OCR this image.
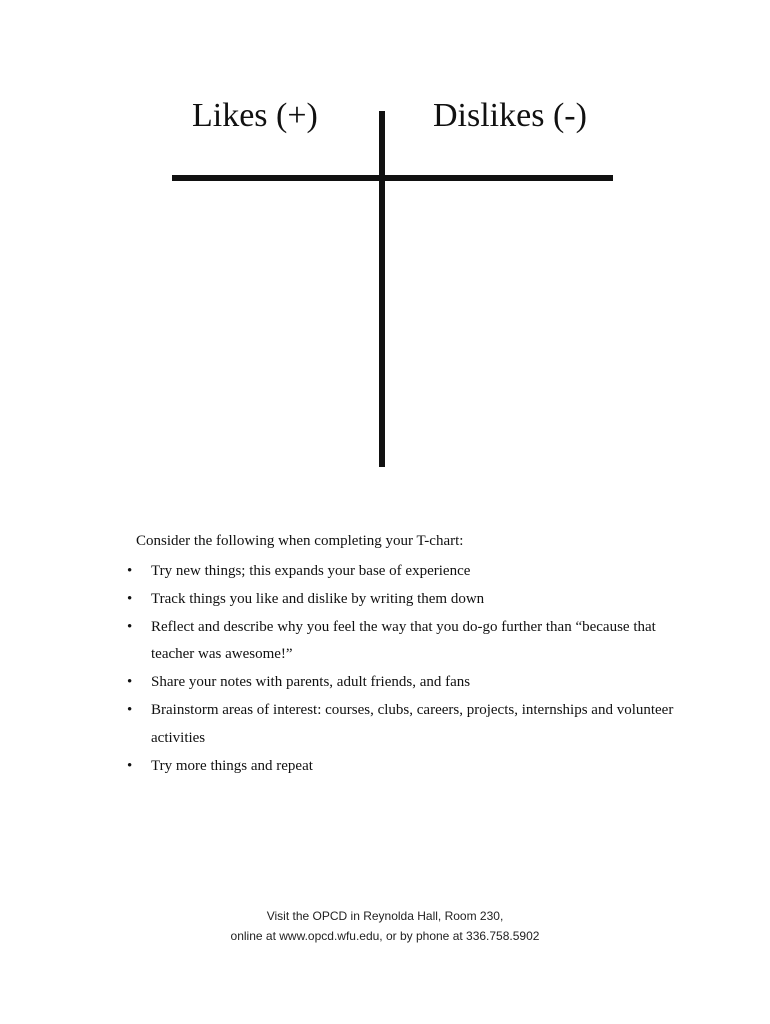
Likes (+)	Dislikes (-)

Consider the following when completing your T-chart:

• Try new things; this expands your base of experience
• Track things you like and dislike by writing them down
• Reflect and describe why you feel the way that you do-go further than “because that teacher was awesome!”
• Share your notes with parents, adult friends, and fans
• Brainstorm areas of interest: courses, clubs, careers, projects, internships and volunteer activities
• Try more things and repeat
Visit the OPCD in Reynolda Hall, Room 230,
online at www.opcd.wfu.edu, or by phone at 336.758.5902
